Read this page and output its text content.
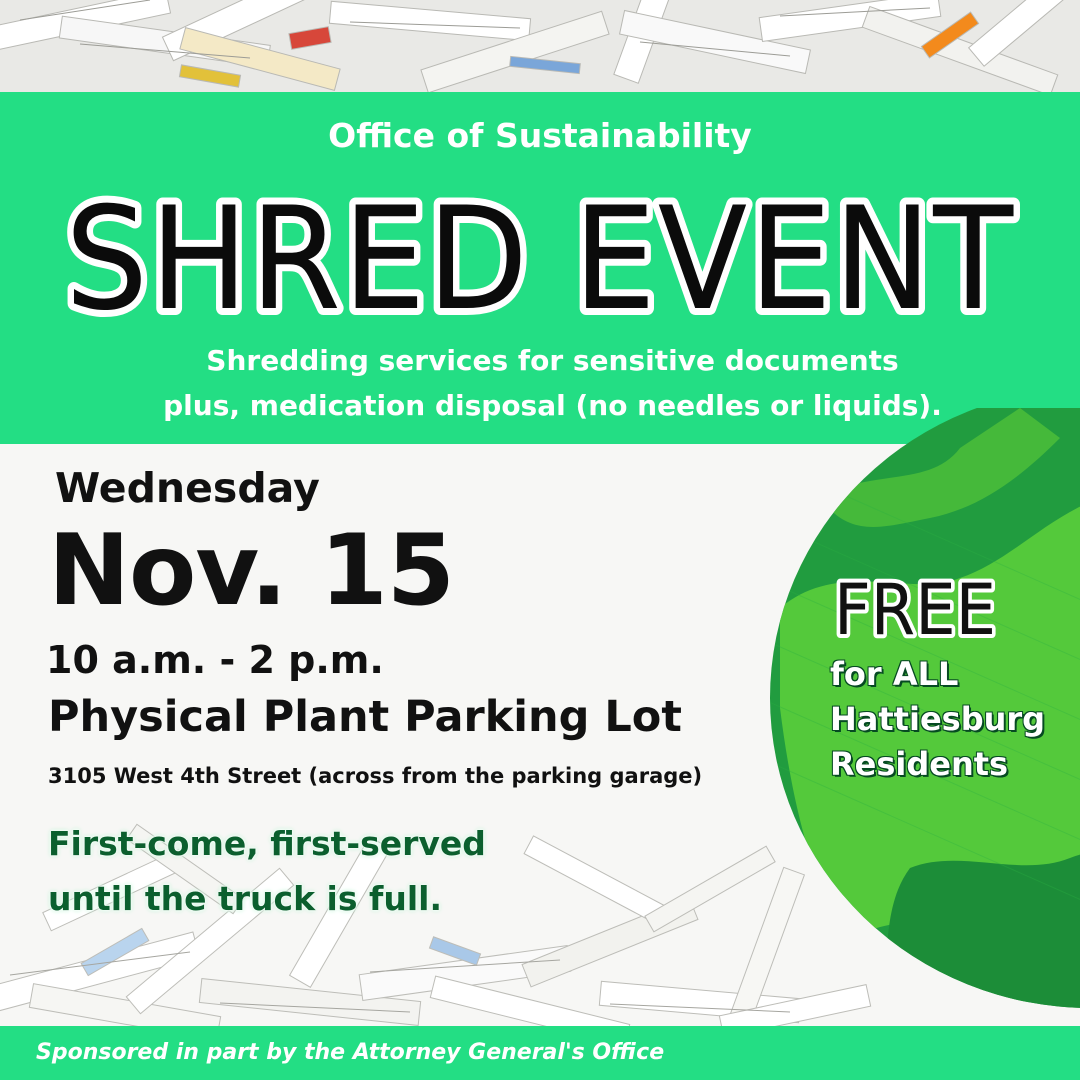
Office of Sustainability
SHRED EVENT
Shredding services for sensitive documents
plus, medication disposal (no needles or liquids).
Wednesday
Nov. 15
10 a.m. - 2 p.m.
Physical Plant Parking Lot
3105 West 4th Street (across from the parking garage)
First-come, first-served
until the truck is full.
FREE
for ALL
Hattiesburg
Residents
Sponsored in part by the Attorney General's Office
